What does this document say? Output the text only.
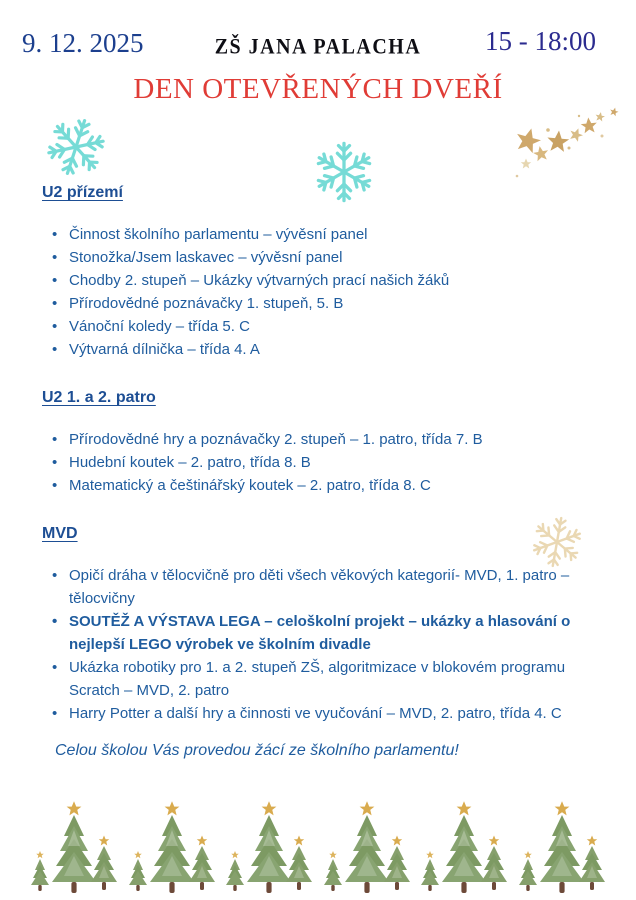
9. 12. 2025	ZŠ JANA PALACHA	15 - 18:00
DEN OTEVŘENÝCH DVEŘÍ
U2 přízemí
• Činnost školního parlamentu – vývěsní panel
• Stonožka/Jsem laskavec – vývěsní panel
• Chodby 2. stupeň – Ukázky výtvarných prací našich žáků
• Přírodovědné poznávačky 1. stupeň, 5. B
• Vánoční koledy – třída 5. C
• Výtvarná dílnička – třída 4. A
U2 1. a 2. patro
• Přírodovědné hry a poznávačky 2. stupeň – 1. patro, třída 7. B
• Hudební koutek – 2. patro, třída 8. B
• Matematický a češtinářský koutek – 2. patro, třída 8. C
MVD
• Opičí dráha v tělocvičně pro děti všech věkových kategorií- MVD, 1. patro – tělocvičny
• SOUTĚŽ A VÝSTAVA LEGA – celoškolní projekt – ukázky a hlasování o nejlepší LEGO výrobek ve školním divadle
• Ukázka robotiky pro 1. a 2. stupeň ZŠ, algoritmizace v blokovém programu Scratch – MVD, 2. patro
• Harry Potter a další hry a činnosti ve vyučování – MVD, 2. patro, třída 4. C
Celou školou Vás provedou žácí ze školního parlamentu!
